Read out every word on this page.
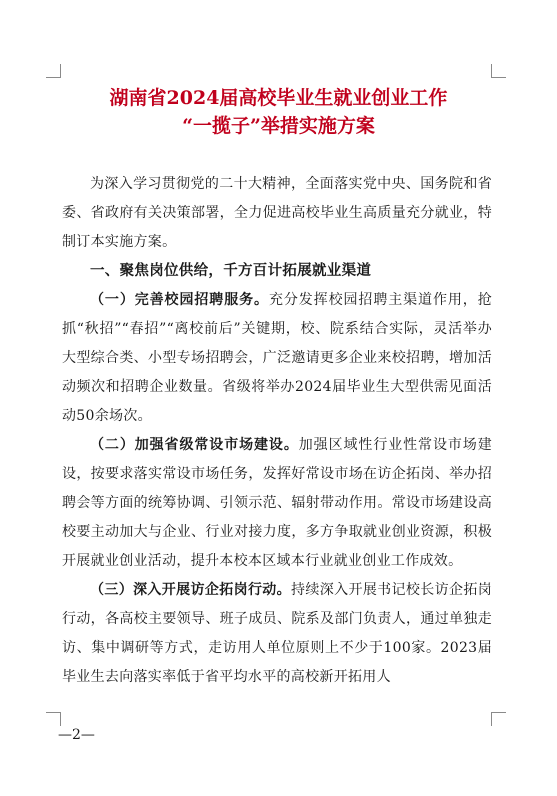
湖南省2024届高校毕业生就业创业工作
“一揽子”举措实施方案

为深入学习贯彻党的二十大精神，全面落实党中央、国务院和省委、省政府有关决策部署，全力促进高校毕业生高质量充分就业，特制订本实施方案。

一、聚焦岗位供给，千方百计拓展就业渠道

（一）完善校园招聘服务。充分发挥校园招聘主渠道作用，抢抓“秋招”“春招”“离校前后”关键期，校、院系结合实际，灵活举办大型综合类、小型专场招聘会，广泛邀请更多企业来校招聘，增加活动频次和招聘企业数量。省级将举办2024届毕业生大型供需见面活动50余场次。

（二）加强省级常设市场建设。加强区域性行业性常设市场建设，按要求落实常设市场任务，发挥好常设市场在访企拓岗、举办招聘会等方面的统筹协调、引领示范、辐射带动作用。常设市场建设高校要主动加大与企业、行业对接力度，多方争取就业创业资源，积极开展就业创业活动，提升本校本区域本行业就业创业工作成效。

（三）深入开展访企拓岗行动。持续深入开展书记校长访企拓岗行动，各高校主要领导、班子成员、院系及部门负责人，通过单独走访、集中调研等方式，走访用人单位原则上不少于100家。2023届毕业生去向落实率低于省平均水平的高校新开拓用人

—2—
